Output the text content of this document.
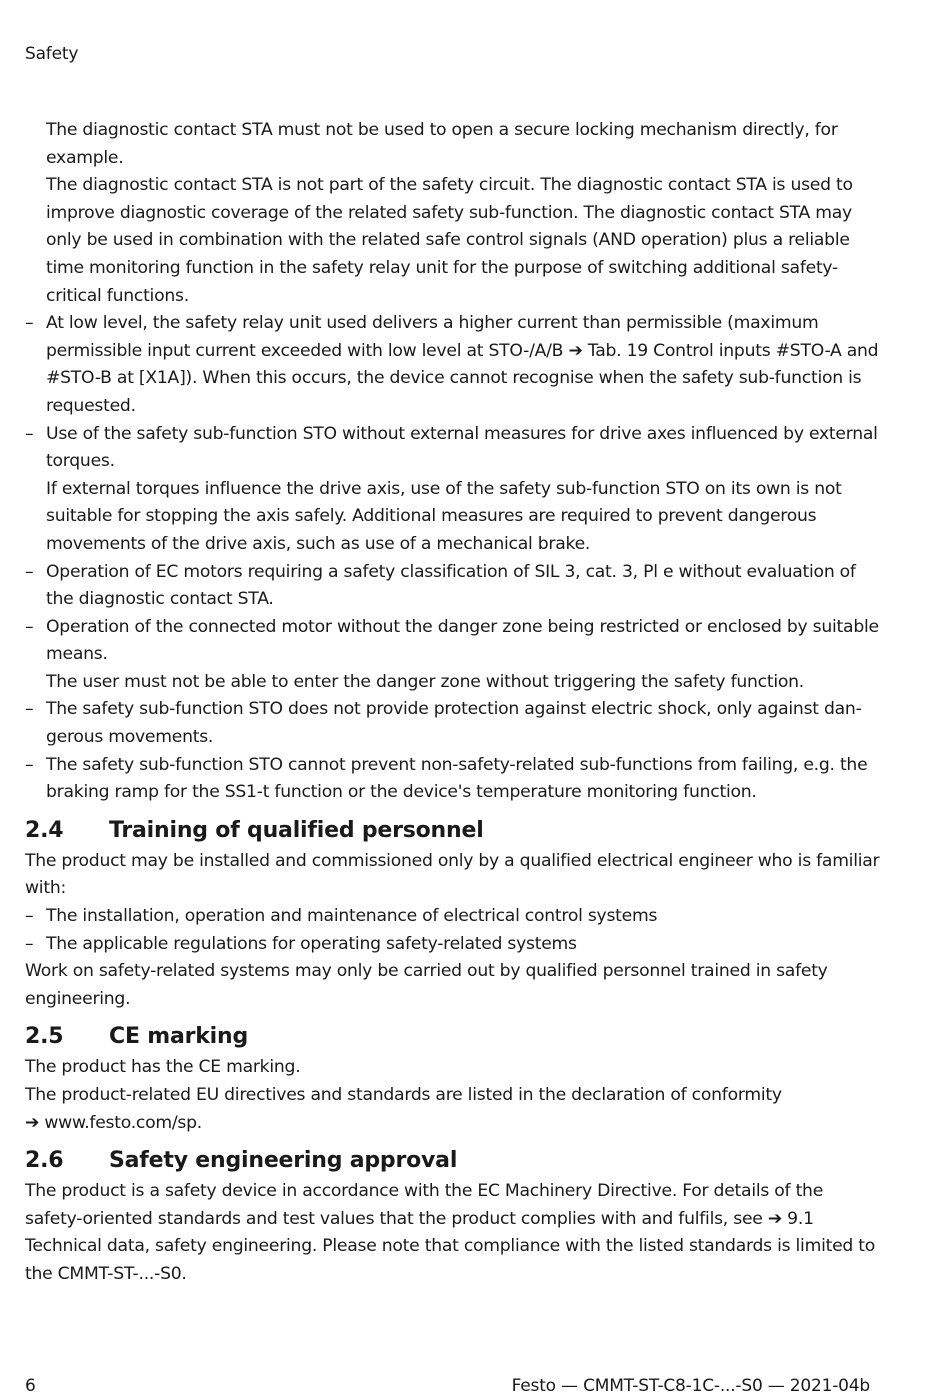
Safety
The diagnostic contact STA must not be used to open a secure locking mechanism directly, for example.
The diagnostic contact STA is not part of the safety circuit. The diagnostic contact STA is used to improve diagnostic coverage of the related safety sub-function. The diagnostic contact STA may only be used in combination with the related safe control signals (AND operation) plus a reliable time monitoring function in the safety relay unit for the purpose of switching additional safety-critical functions.
– At low level, the safety relay unit used delivers a higher current than permissible (maximum permissible input current exceeded with low level at STO-/A/B ➔ Tab. 19 Control inputs #STO-A and #STO-B at [X1A]). When this occurs, the device cannot recognise when the safety sub-function is requested.
– Use of the safety sub-function STO without external measures for drive axes influenced by external torques.
If external torques influence the drive axis, use of the safety sub-function STO on its own is not suitable for stopping the axis safely. Additional measures are required to prevent dangerous movements of the drive axis, such as use of a mechanical brake.
– Operation of EC motors requiring a safety classification of SIL 3, cat. 3, Pl e without evaluation of the diagnostic contact STA.
– Operation of the connected motor without the danger zone being restricted or enclosed by suitable means.
The user must not be able to enter the danger zone without triggering the safety function.
– The safety sub-function STO does not provide protection against electric shock, only against dan-gerous movements.
– The safety sub-function STO cannot prevent non-safety-related sub-functions from failing, e.g. the braking ramp for the SS1-t function or the device's temperature monitoring function.
2.4 Training of qualified personnel
The product may be installed and commissioned only by a qualified electrical engineer who is familiar with:
– The installation, operation and maintenance of electrical control systems
– The applicable regulations for operating safety-related systems
Work on safety-related systems may only be carried out by qualified personnel trained in safety engineering.
2.5 CE marking
The product has the CE marking.
The product-related EU directives and standards are listed in the declaration of conformity
➔ www.festo.com/sp.
2.6 Safety engineering approval
The product is a safety device in accordance with the EC Machinery Directive. For details of the safety-oriented standards and test values that the product complies with and fulfils, see ➔ 9.1 Technical data, safety engineering. Please note that compliance with the listed standards is limited to the CMMT-ST-...-S0.
6	Festo — CMMT-ST-C8-1C-...-S0 — 2021-04b
